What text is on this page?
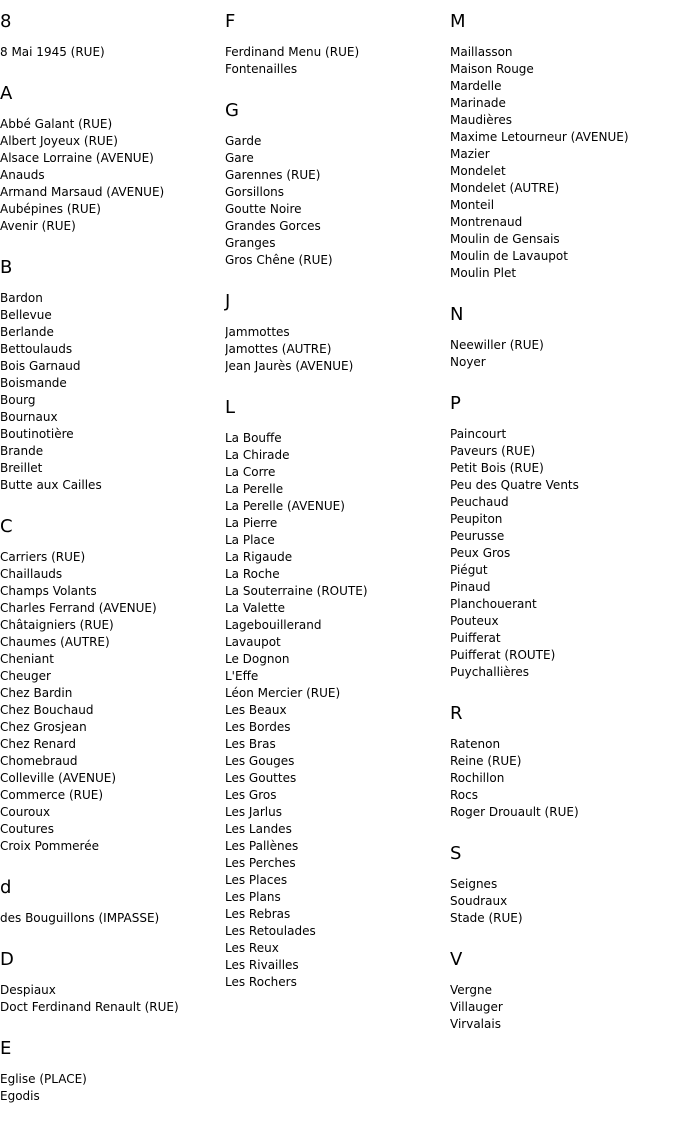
8
8 Mai 1945 (RUE)
A
Abbé Galant (RUE)
Albert Joyeux (RUE)
Alsace Lorraine (AVENUE)
Anauds
Armand Marsaud (AVENUE)
Aubépines (RUE)
Avenir (RUE)
B
Bardon
Bellevue
Berlande
Bettoulauds
Bois Garnaud
Boismande
Bourg
Bournaux
Boutinotière
Brande
Breillet
Butte aux Cailles
C
Carriers (RUE)
Chaillauds
Champs Volants
Charles Ferrand (AVENUE)
Châtaigniers (RUE)
Chaumes (AUTRE)
Cheniant
Cheuger
Chez Bardin
Chez Bouchaud
Chez Grosjean
Chez Renard
Chomebraud
Colleville (AVENUE)
Commerce (RUE)
Couroux
Coutures
Croix Pommerée
d
des Bouguillons (IMPASSE)
D
Despiaux
Doct Ferdinand Renault (RUE)
E
Eglise (PLACE)
Egodis
F
Ferdinand Menu (RUE)
Fontenailles
G
Garde
Gare
Garennes (RUE)
Gorsillons
Goutte Noire
Grandes Gorces
Granges
Gros Chêne (RUE)
J
Jammottes
Jamottes (AUTRE)
Jean Jaurès (AVENUE)
L
La Bouffe
La Chirade
La Corre
La Perelle
La Perelle (AVENUE)
La Pierre
La Place
La Rigaude
La Roche
La Souterraine (ROUTE)
La Valette
Lagebouillerand
Lavaupot
Le Dognon
L'Effe
Léon Mercier (RUE)
Les Beaux
Les Bordes
Les Bras
Les Gouges
Les Gouttes
Les Gros
Les Jarlus
Les Landes
Les Pallènes
Les Perches
Les Places
Les Plans
Les Rebras
Les Retoulades
Les Reux
Les Rivailles
Les Rochers
M
Maillasson
Maison Rouge
Mardelle
Marinade
Maudières
Maxime Letourneur (AVENUE)
Mazier
Mondelet
Mondelet (AUTRE)
Monteil
Montrenaud
Moulin de Gensais
Moulin de Lavaupot
Moulin Plet
N
Neewiller (RUE)
Noyer
P
Paincourt
Paveurs (RUE)
Petit Bois (RUE)
Peu des Quatre Vents
Peuchaud
Peupiton
Peurusse
Peux Gros
Piégut
Pinaud
Planchouerant
Pouteux
Puifferat
Puifferat (ROUTE)
Puychallières
R
Ratenon
Reine (RUE)
Rochillon
Rocs
Roger Drouault (RUE)
S
Seignes
Soudraux
Stade (RUE)
V
Vergne
Villauger
Virvalais
